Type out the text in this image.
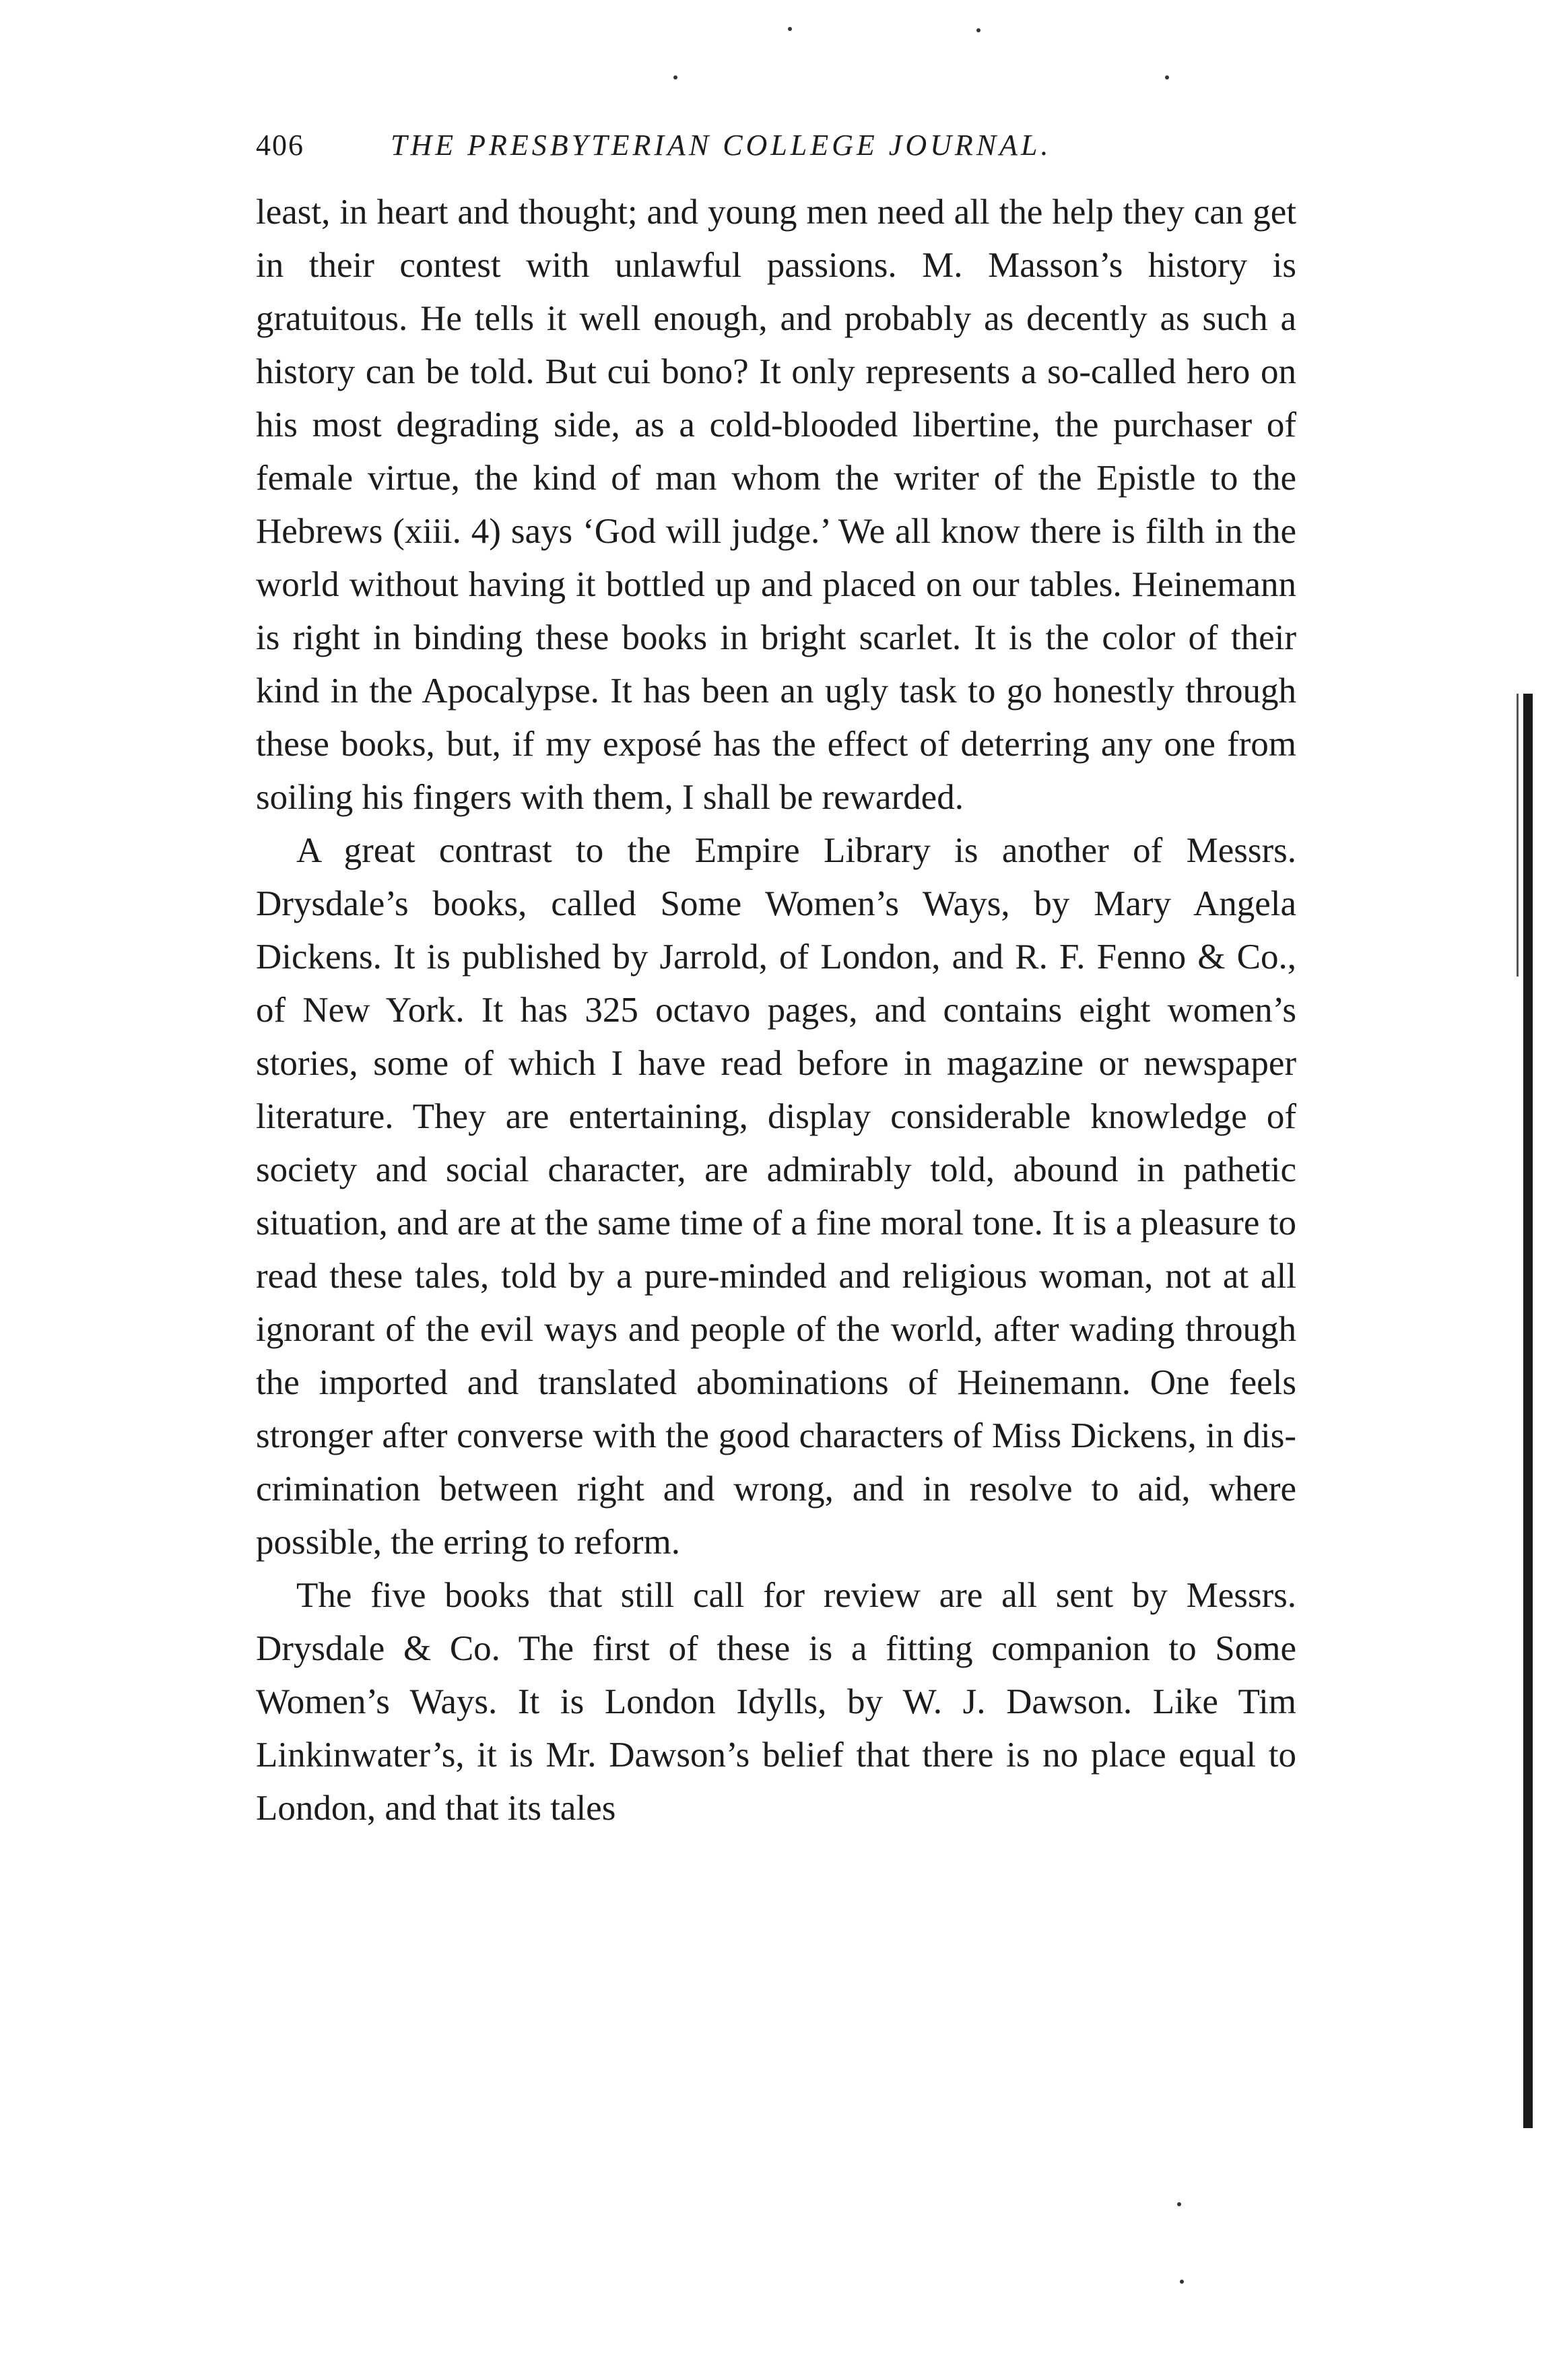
406	THE PRESBYTERIAN COLLEGE JOURNAL.

least, in heart and thought; and young men need all the help they can get in their contest with unlawful passions. M. Masson’s history is gratuitous. He tells it well enough, and probably as decently as such a history can be told. But cui bono? It only represents a so-called hero on his most degrading side, as a cold-blooded libertine, the purchaser of female virtue, the kind of man whom the writer of the Epistle to the Hebrews (xiii. 4) says ‘God will judge.’ We all know there is filth in the world without having it bottled up and placed on our tables. Heinemann is right in binding these books in bright scarlet. It is the color of their kind in the Apocalypse. It has been an ugly task to go honestly through these books, but, if my exposé has the effect of deterring any one from soiling his fingers with them, I shall be rewarded.

A great contrast to the Empire Library is another of Messrs. Drysdale’s books, called Some Women’s Ways, by Mary Angela Dickens. It is published by Jarrold, of London, and R. F. Fenno & Co., of New York. It has 325 octavo pages, and contains eight women’s stories, some of which I have read before in magazine or newspaper literature. They are entertaining, display considerable knowledge of society and social character, are admirably told, abound in pathetic situation, and are at the same time of a fine moral tone. It is a pleasure to read these tales, told by a pure-minded and religious woman, not at all ignorant of the evil ways and people of the world, after wading through the imported and translated abominations of Heinemann. One feels stronger after converse with the good characters of Miss Dickens, in discrimination between right and wrong, and in resolve to aid, where possible, the erring to reform.

The five books that still call for review are all sent by Messrs. Drysdale & Co. The first of these is a fitting companion to Some Women’s Ways. It is London Idylls, by W. J. Dawson. Like Tim Linkinwater’s, it is Mr. Dawson’s belief that there is no place equal to London, and that its tales
